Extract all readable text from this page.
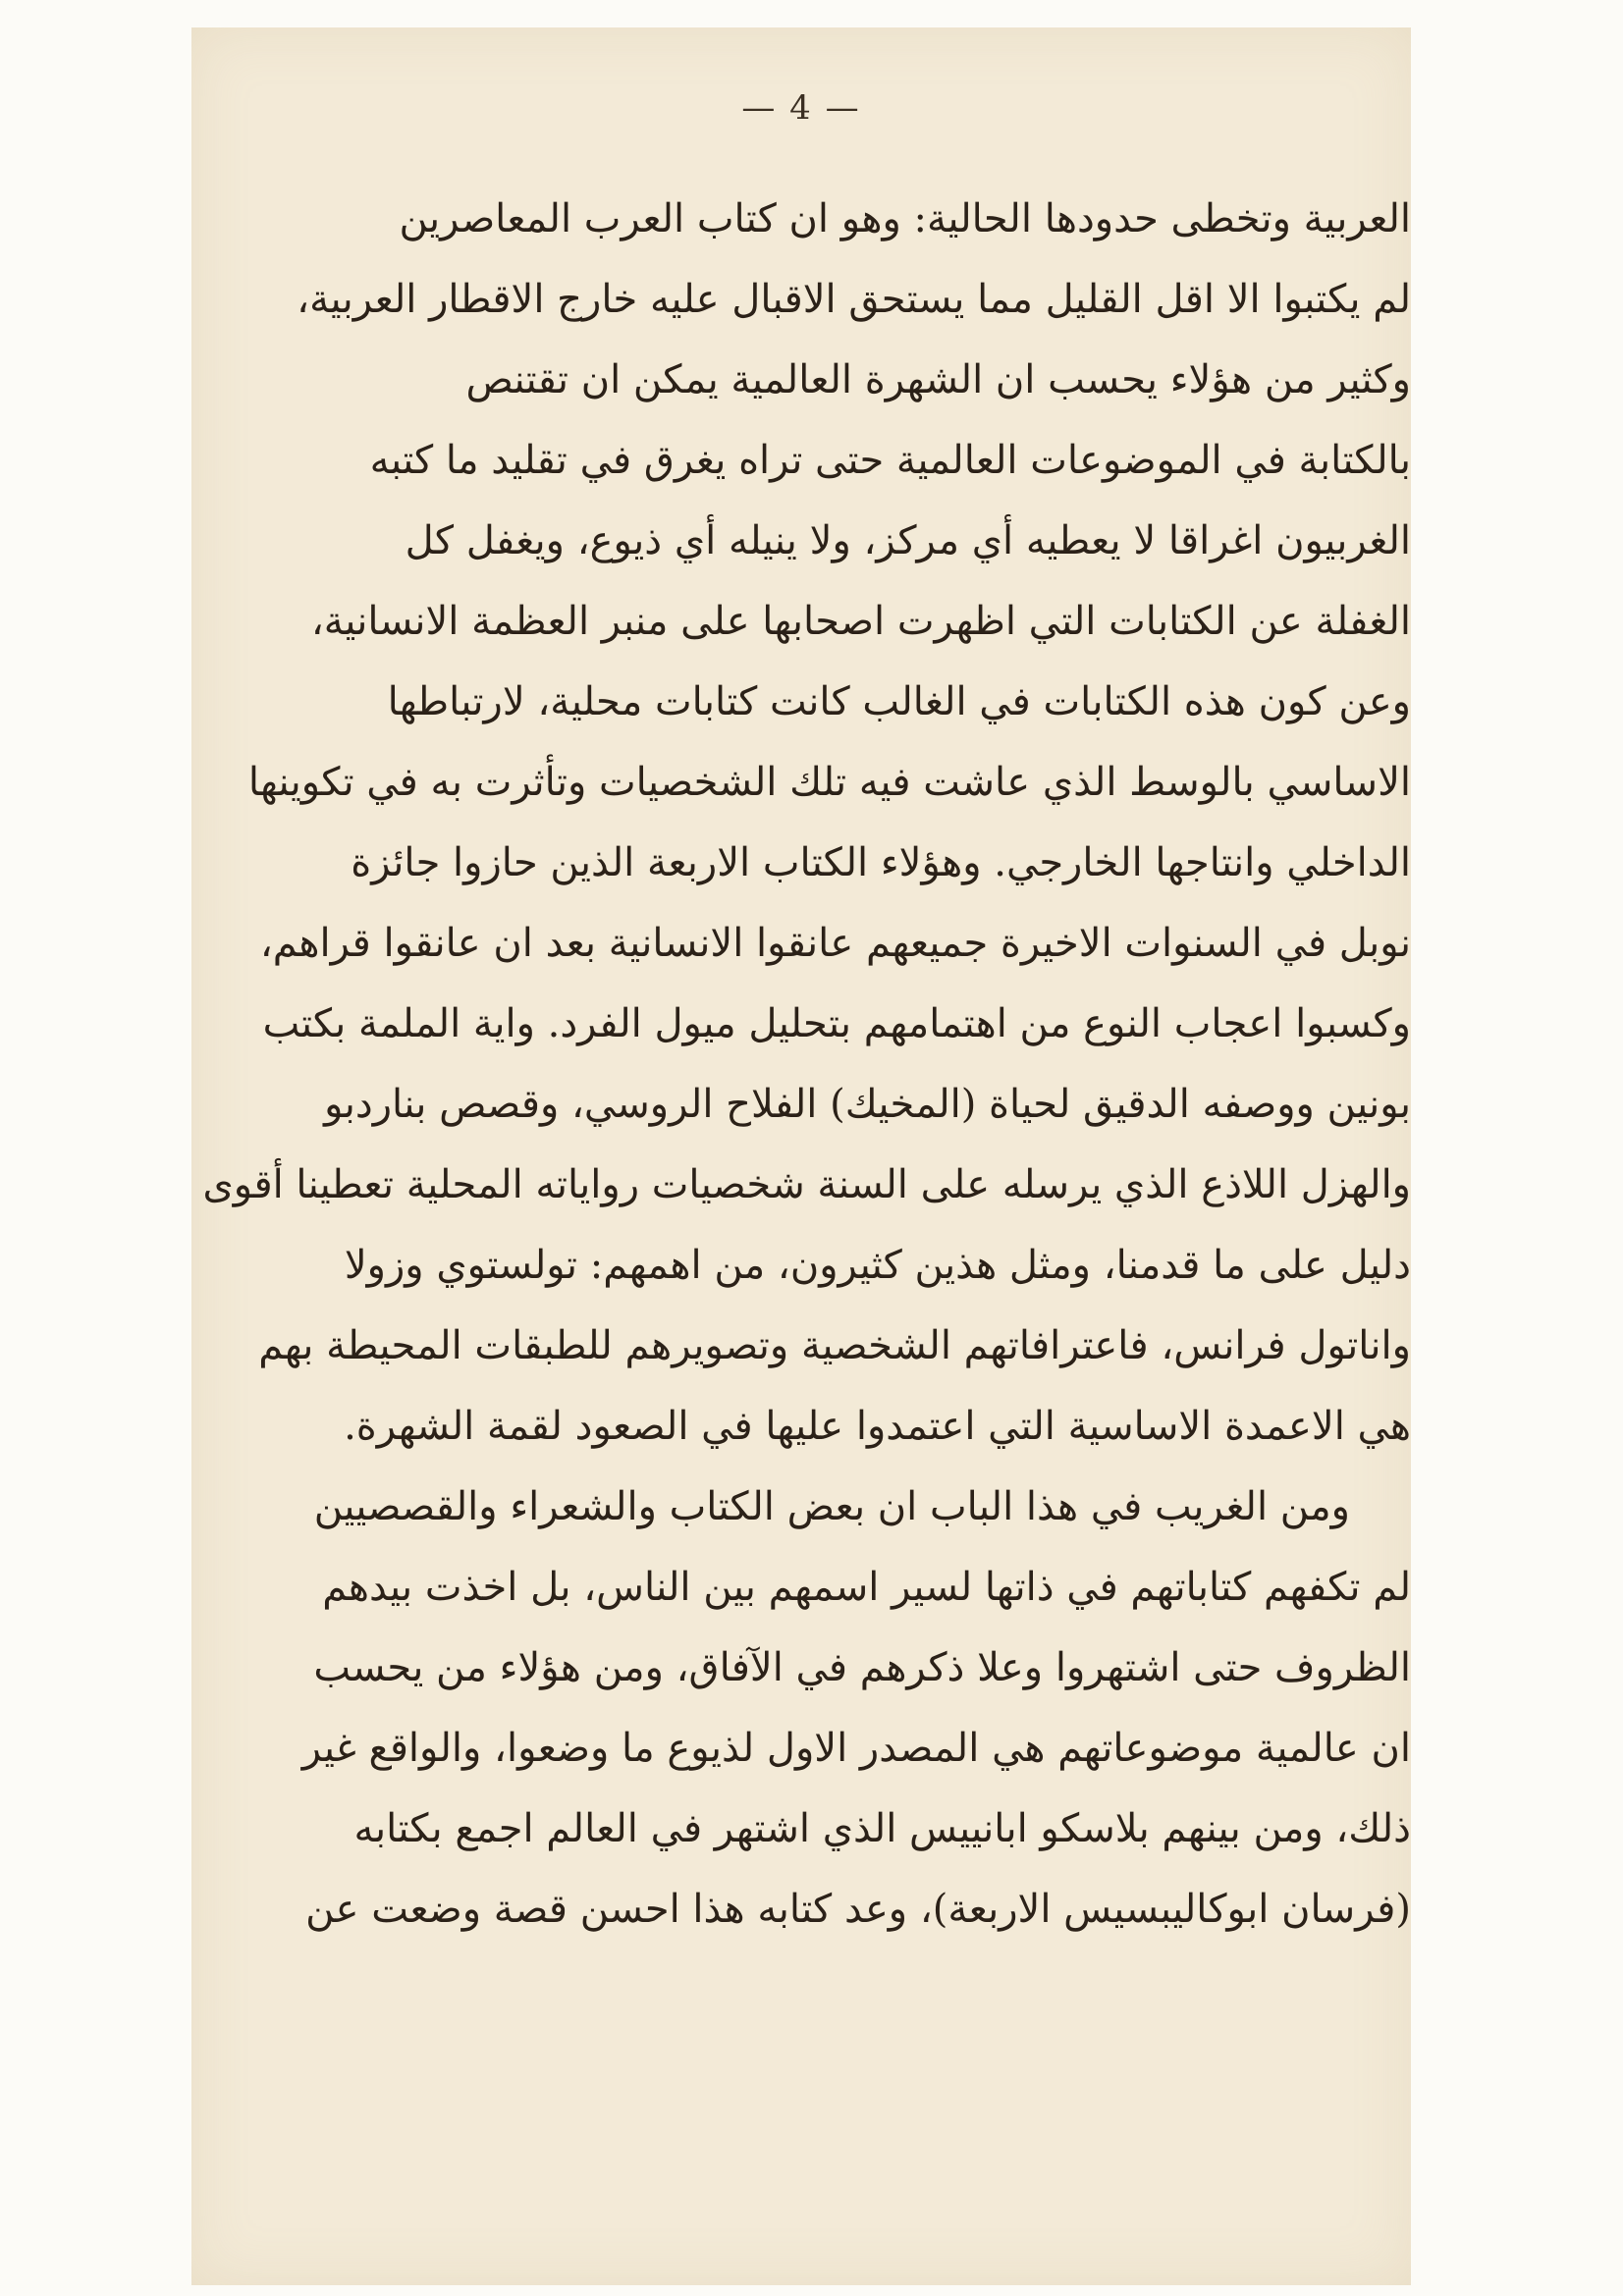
— 4 —
العربية وتخطى حدودها الحالية: وهو ان كتاب العرب المعاصرين
لم يكتبوا الا اقل القليل مما يستحق الاقبال عليه خارج الاقطار العربية،
وكثير من هؤلاء يحسب ان الشهرة العالمية يمكن ان تقتنص
بالكتابة في الموضوعات العالمية حتى تراه يغرق في تقليد ما كتبه
الغربيون اغراقا لا يعطيه أي مركز، ولا ينيله أي ذيوع، ويغفل كل
الغفلة عن الكتابات التي اظهرت اصحابها على منبر العظمة الانسانية،
وعن كون هذه الكتابات في الغالب كانت كتابات محلية، لارتباطها
الاساسي بالوسط الذي عاشت فيه تلك الشخصيات وتأثرت به في تكوينها
الداخلي وانتاجها الخارجي. وهؤلاء الكتاب الاربعة الذين حازوا جائزة
نوبل في السنوات الاخيرة جميعهم عانقوا الانسانية بعد ان عانقوا قراهم،
وكسبوا اعجاب النوع من اهتمامهم بتحليل ميول الفرد. واية الملمة بكتب
بونين ووصفه الدقيق لحياة (المخيك) الفلاح الروسي، وقصص بناردبو
والهزل اللاذع الذي يرسله على السنة شخصيات رواياته المحلية تعطينا أقوى
دليل على ما قدمنا، ومثل هذين كثيرون، من اهمهم: تولستوي وزولا
واناتول فرانس، فاعترافاتهم الشخصية وتصويرهم للطبقات المحيطة بهم
هي الاعمدة الاساسية التي اعتمدوا عليها في الصعود لقمة الشهرة.
ومن الغريب في هذا الباب ان بعض الكتاب والشعراء والقصصيين
لم تكفهم كتاباتهم في ذاتها لسير اسمهم بين الناس، بل اخذت بيدهم
الظروف حتى اشتهروا وعلا ذكرهم في الآفاق، ومن هؤلاء من يحسب
ان عالمية موضوعاتهم هي المصدر الاول لذيوع ما وضعوا، والواقع غير
ذلك، ومن بينهم بلاسكو ابانييس الذي اشتهر في العالم اجمع بكتابه
(فرسان ابوكاليبسيس الاربعة)، وعد كتابه هذا احسن قصة وضعت عن
